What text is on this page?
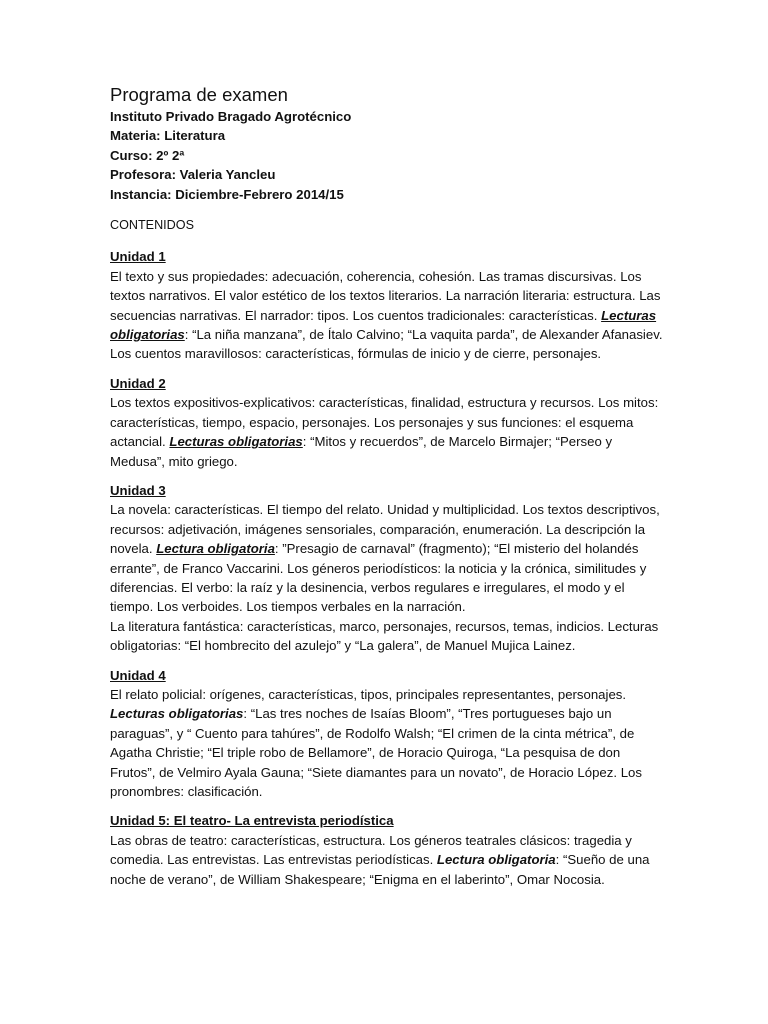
Programa de examen
Instituto Privado Bragado Agrotécnico
Materia: Literatura
Curso: 2º 2ª
Profesora: Valeria Yancleu
Instancia: Diciembre-Febrero 2014/15
CONTENIDOS
Unidad 1
El texto y sus propiedades: adecuación, coherencia, cohesión. Las tramas discursivas. Los textos narrativos. El valor estético de los textos literarios. La narración literaria: estructura. Las secuencias narrativas. El narrador: tipos. Los cuentos tradicionales: características. Lecturas obligatorias: “La niña manzana”, de Ítalo Calvino; “La vaquita parda”, de Alexander Afanasiev. Los cuentos maravillosos: características, fórmulas de inicio y de cierre, personajes.
Unidad 2
Los textos expositivos-explicativos: características, finalidad, estructura y recursos. Los mitos: características, tiempo, espacio, personajes. Los personajes y sus funciones: el esquema actancial. Lecturas obligatorias: “Mitos y recuerdos”, de Marcelo Birmajer; “Perseo y Medusa”, mito griego.
Unidad 3
La novela: características. El tiempo del relato. Unidad y multiplicidad. Los textos descriptivos, recursos: adjetivación, imágenes sensoriales, comparación, enumeración. La descripción la novela. Lectura obligatoria: ”Presagio de carnaval” (fragmento); “El misterio del holandés errante”, de Franco Vaccarini. Los géneros periodísticos: la noticia y la crónica, similitudes y diferencias. El verbo: la raíz y la desinencia, verbos regulares e irregulares, el modo y el tiempo. Los verboides. Los tiempos verbales en la narración.
La literatura fantástica: características, marco, personajes, recursos, temas, indicios. Lecturas obligatorias: “El hombrecito del azulejo” y “La galera”, de Manuel Mujica Lainez.
Unidad 4
El relato policial: orígenes, características, tipos, principales representantes, personajes. Lecturas obligatorias: “Las tres noches de Isaías Bloom”, “Tres portugueses bajo un paraguas”, y “ Cuento para tahúres”, de Rodolfo Walsh; “El crimen de la cinta métrica”, de Agatha Christie; “El triple robo de Bellamore”, de Horacio Quiroga, “La pesquisa de don Frutos”, de Velmiro Ayala Gauna; “Siete diamantes para un novato”, de Horacio López. Los pronombres: clasificación.
Unidad 5: El teatro- La entrevista periodística
Las obras de teatro: características, estructura. Los géneros teatrales clásicos: tragedia y comedia. Las entrevistas. Las entrevistas periodísticas. Lectura obligatoria: “Sueño de una noche de verano”, de William Shakespeare; “Enigma en el laberinto”, Omar Nocosia.
